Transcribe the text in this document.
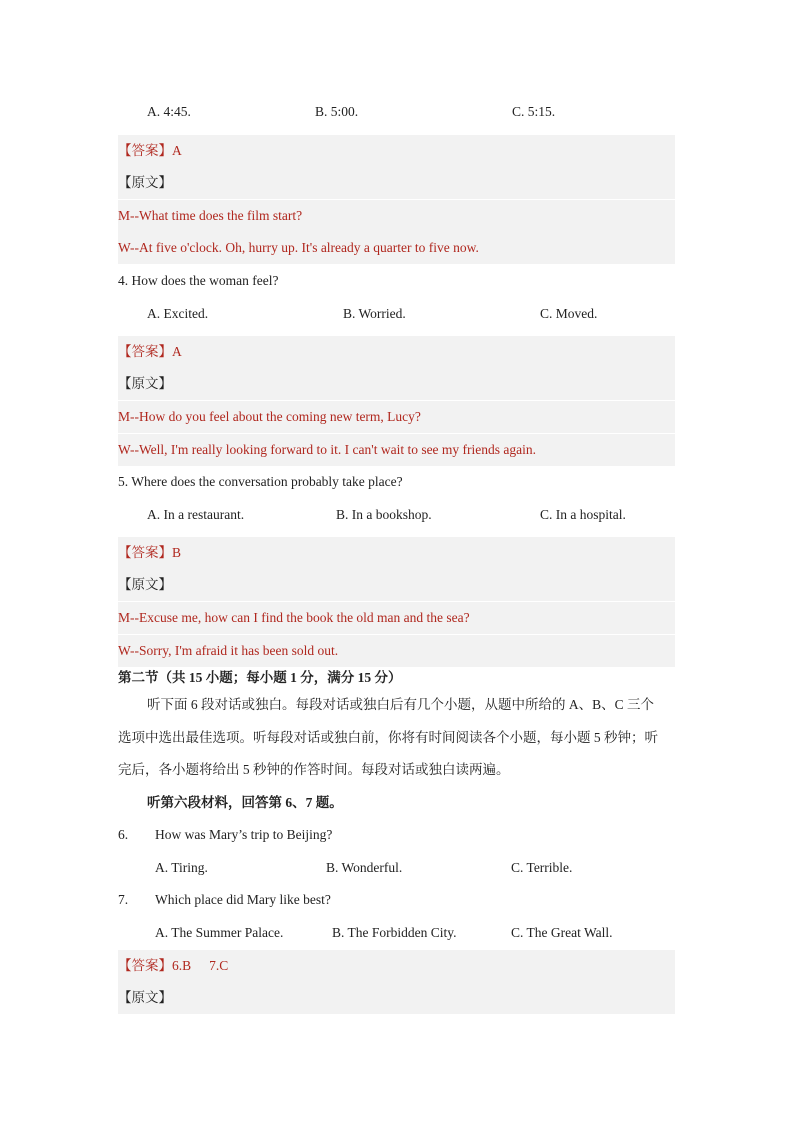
A. 4:45.	B. 5:00.	C. 5:15.
【答案】A
【原文】
M--What time does the film start?
W--At five o'clock. Oh, hurry up. It's already a quarter to five now.
4. How does the woman feel?
A. Excited.	B. Worried.	C. Moved.
【答案】A
【原文】
M--How do you feel about the coming new term, Lucy?
W--Well, I'm really looking forward to it. I can't wait to see my friends again.
5. Where does the conversation probably take place?
A. In a restaurant.	B. In a bookshop.	C. In a hospital.
【答案】B
【原文】
M--Excuse me, how can I find the book the old man and the sea?
W--Sorry, I'm afraid it has been sold out.
第二节（共 15 小题；每小题 1 分，满分 15 分）
听下面 6 段对话或独白。每段对话或独白后有几个小题，从题中所给的 A、B、C 三个
选项中选出最佳选项。听每段对话或独白前，你将有时间阅读各个小题，每小题 5 秒钟；听
完后，各小题将给出 5 秒钟的作答时间。每段对话或独白读两遍。
听第六段材料，回答第 6、7 题。
6. How was Mary’s trip to Beijing?
A. Tiring.	B. Wonderful.	C. Terrible.
7. Which place did Mary like best?
A. The Summer Palace.	B. The Forbidden City.	C. The Great Wall.
【答案】6.B 7.C
【原文】
